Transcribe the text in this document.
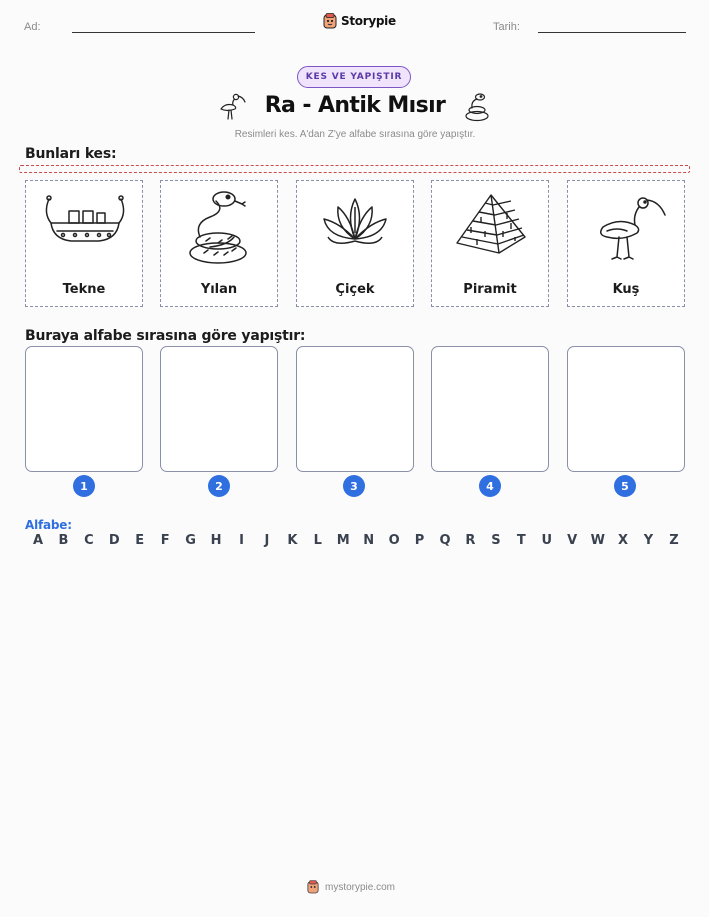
Ad:	Storypie	Tarih:
KES VE YAPIŞTIR
Ra - Antik Mısır
Resimleri kes. A'dan Z'ye alfabe sırasına göre yapıştır.
Bunları kes:
Tekne	Yılan	Çiçek	Piramit	Kuş
Buraya alfabe sırasına göre yapıştır:
1	2	3	4	5
Alfabe:
A B C D E F G H	I	J	K L M N O P Q R S T U V W X Y Z
mystorypie.com
